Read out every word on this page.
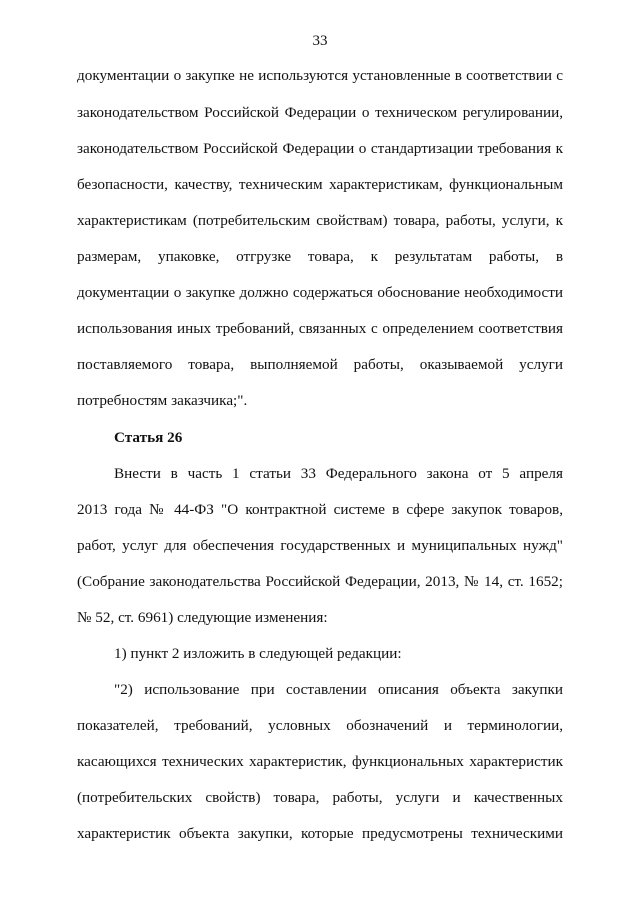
33
документации о закупке не используются установленные в соответствии с
законодательством Российской Федерации о техническом регулировании,
законодательством Российской Федерации о стандартизации требования к
безопасности, качеству, техническим характеристикам, функциональным
характеристикам (потребительским свойствам) товара, работы, услуги, к
размерам, упаковке, отгрузке товара, к результатам работы, в
документации о закупке должно содержаться обоснование необходимости
использования иных требований, связанных с определением соответствия
поставляемого товара, выполняемой работы, оказываемой услуги
потребностям заказчика;".
Статья 26
Внести в часть 1 статьи 33 Федерального закона от 5 апреля
2013 года № 44-ФЗ "О контрактной системе в сфере закупок товаров,
работ, услуг для обеспечения государственных и муниципальных нужд"
(Собрание законодательства Российской Федерации, 2013, № 14, ст. 1652;
№ 52, ст. 6961) следующие изменения:
1) пункт 2 изложить в следующей редакции:
"2) использование при составлении описания объекта закупки
показателей, требований, условных обозначений и терминологии,
касающихся технических характеристик, функциональных характеристик
(потребительских свойств) товара, работы, услуги и качественных
характеристик объекта закупки, которые предусмотрены техническими
